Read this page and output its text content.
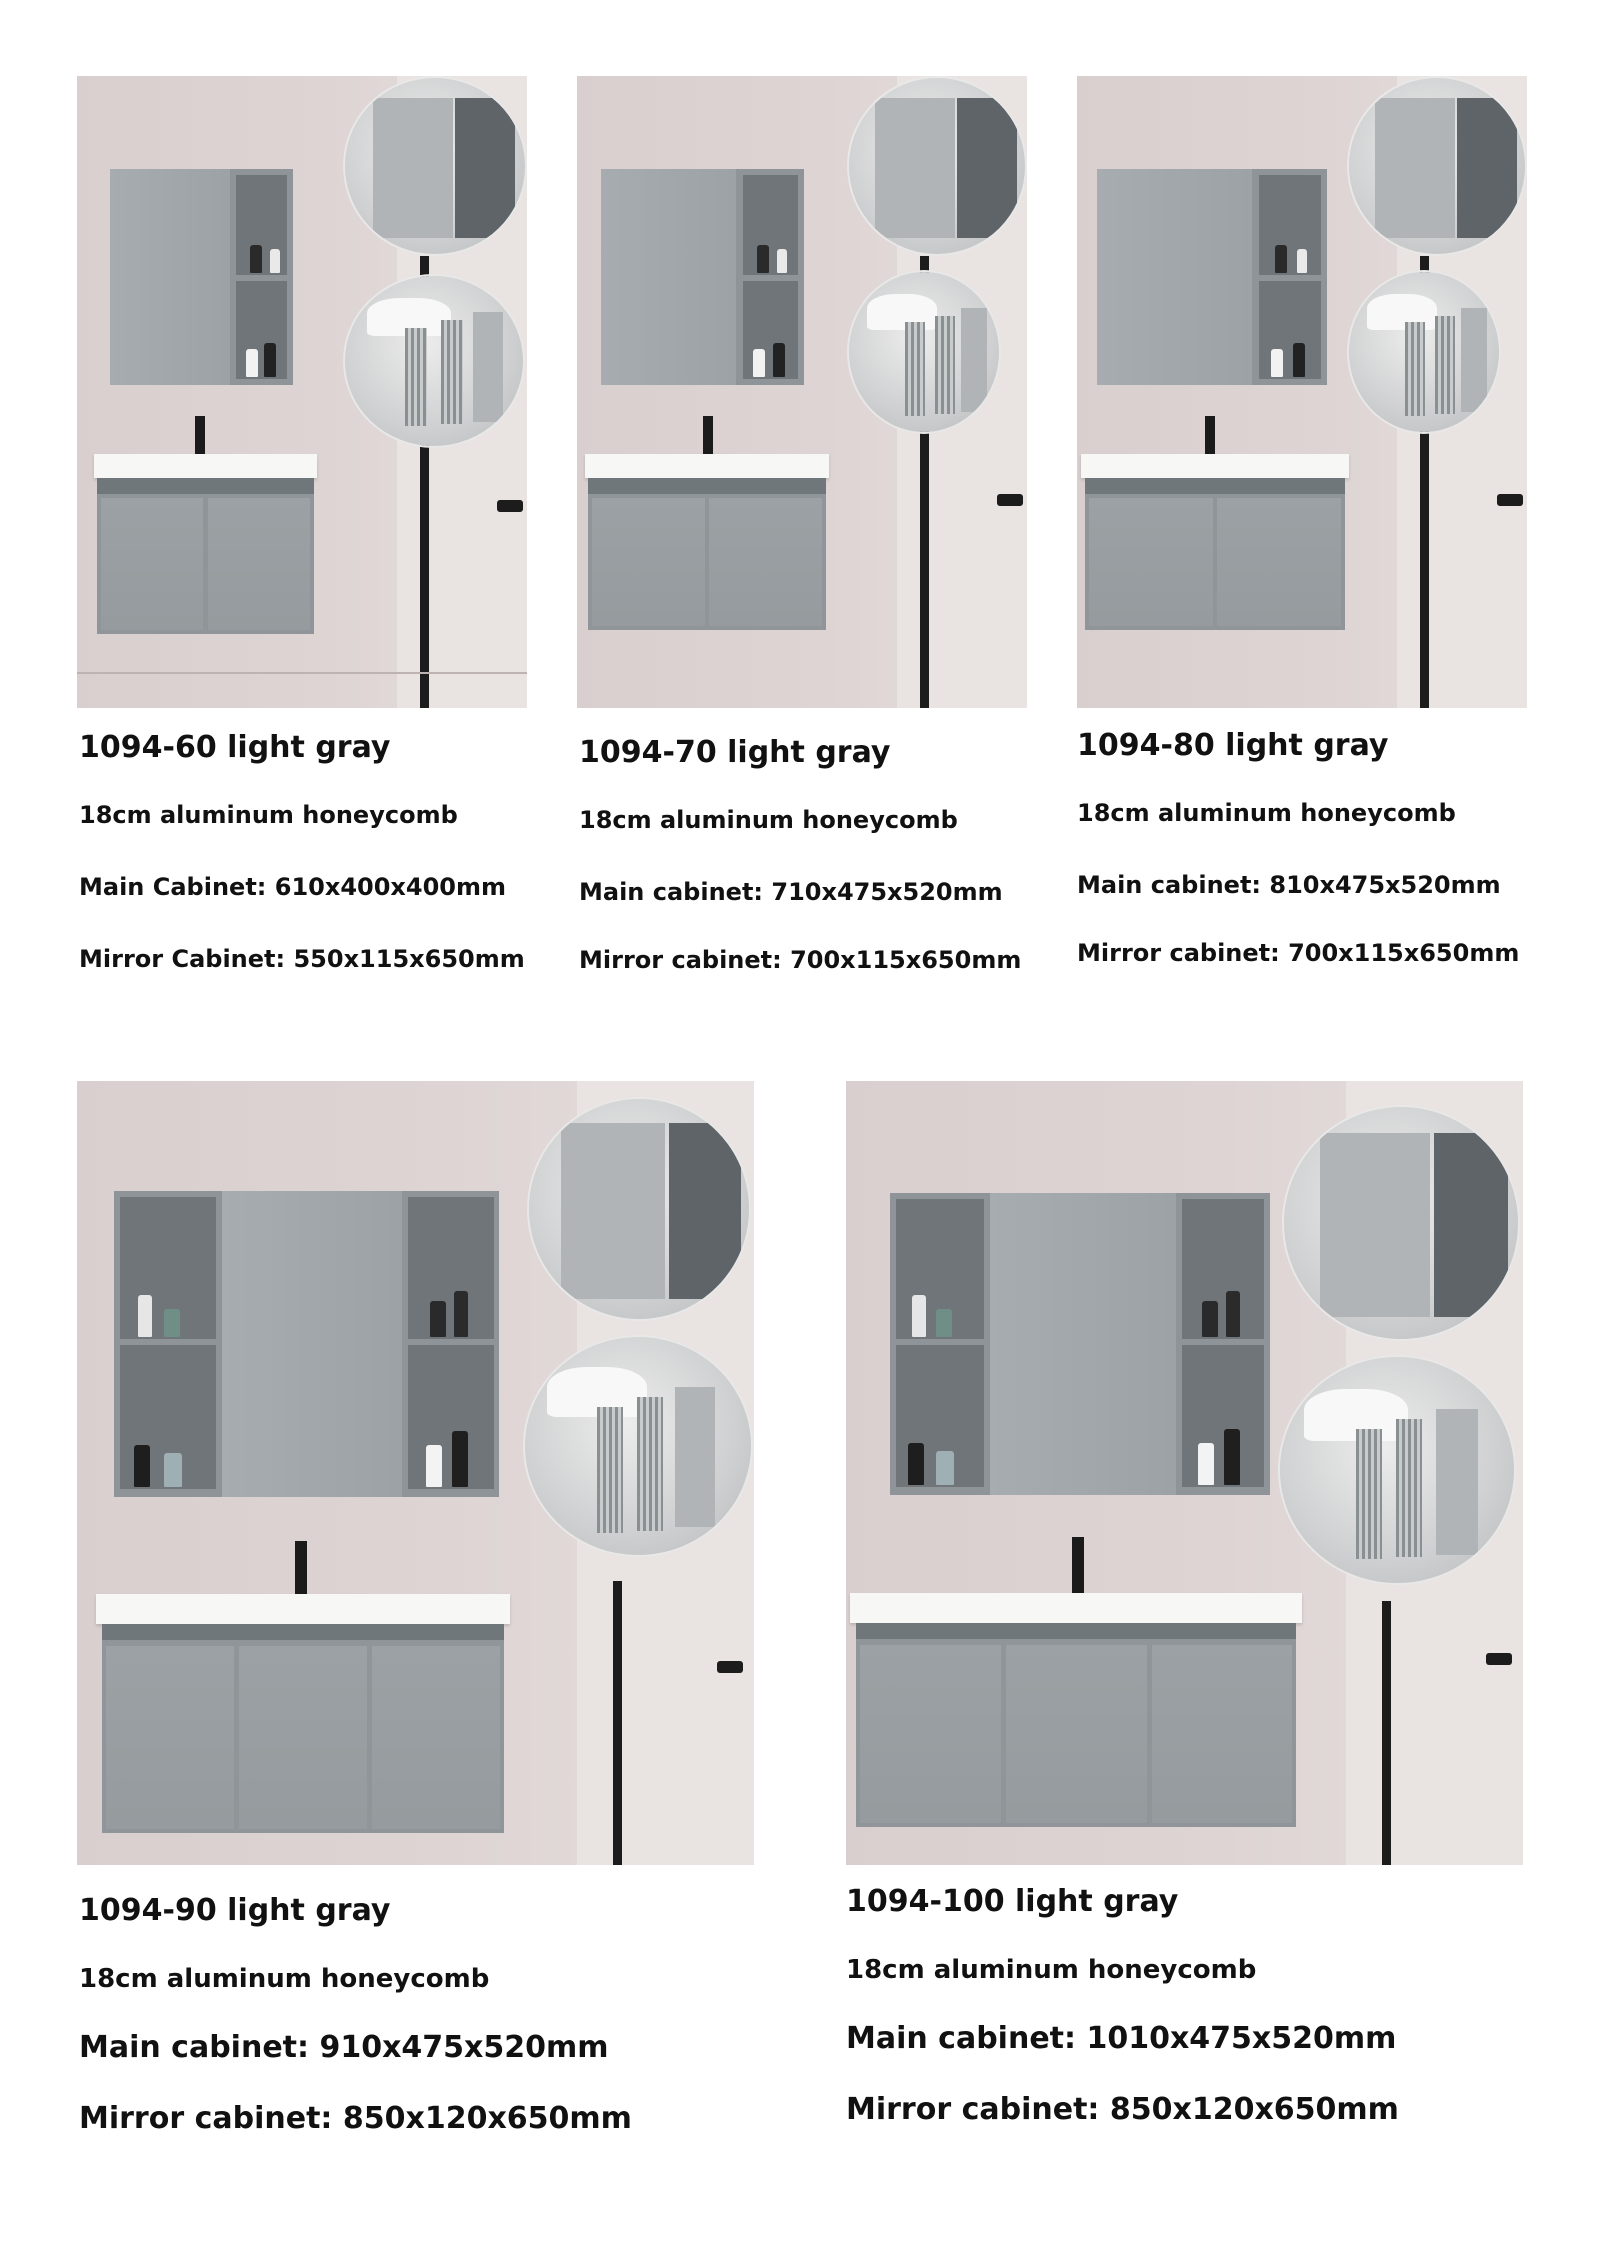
1094-60 light gray
18cm aluminum honeycomb
Main Cabinet: 610x400x400mm
Mirror Cabinet: 550x115x650mm
1094-70 light gray
18cm aluminum honeycomb
Main cabinet: 710x475x520mm
Mirror cabinet: 700x115x650mm
1094-80 light gray
18cm aluminum honeycomb
Main cabinet: 810x475x520mm
Mirror cabinet: 700x115x650mm
1094-90 light gray
18cm aluminum honeycomb
Main cabinet: 910x475x520mm
Mirror cabinet: 850x120x650mm
1094-100 light gray
18cm aluminum honeycomb
Main cabinet: 1010x475x520mm
Mirror cabinet: 850x120x650mm
